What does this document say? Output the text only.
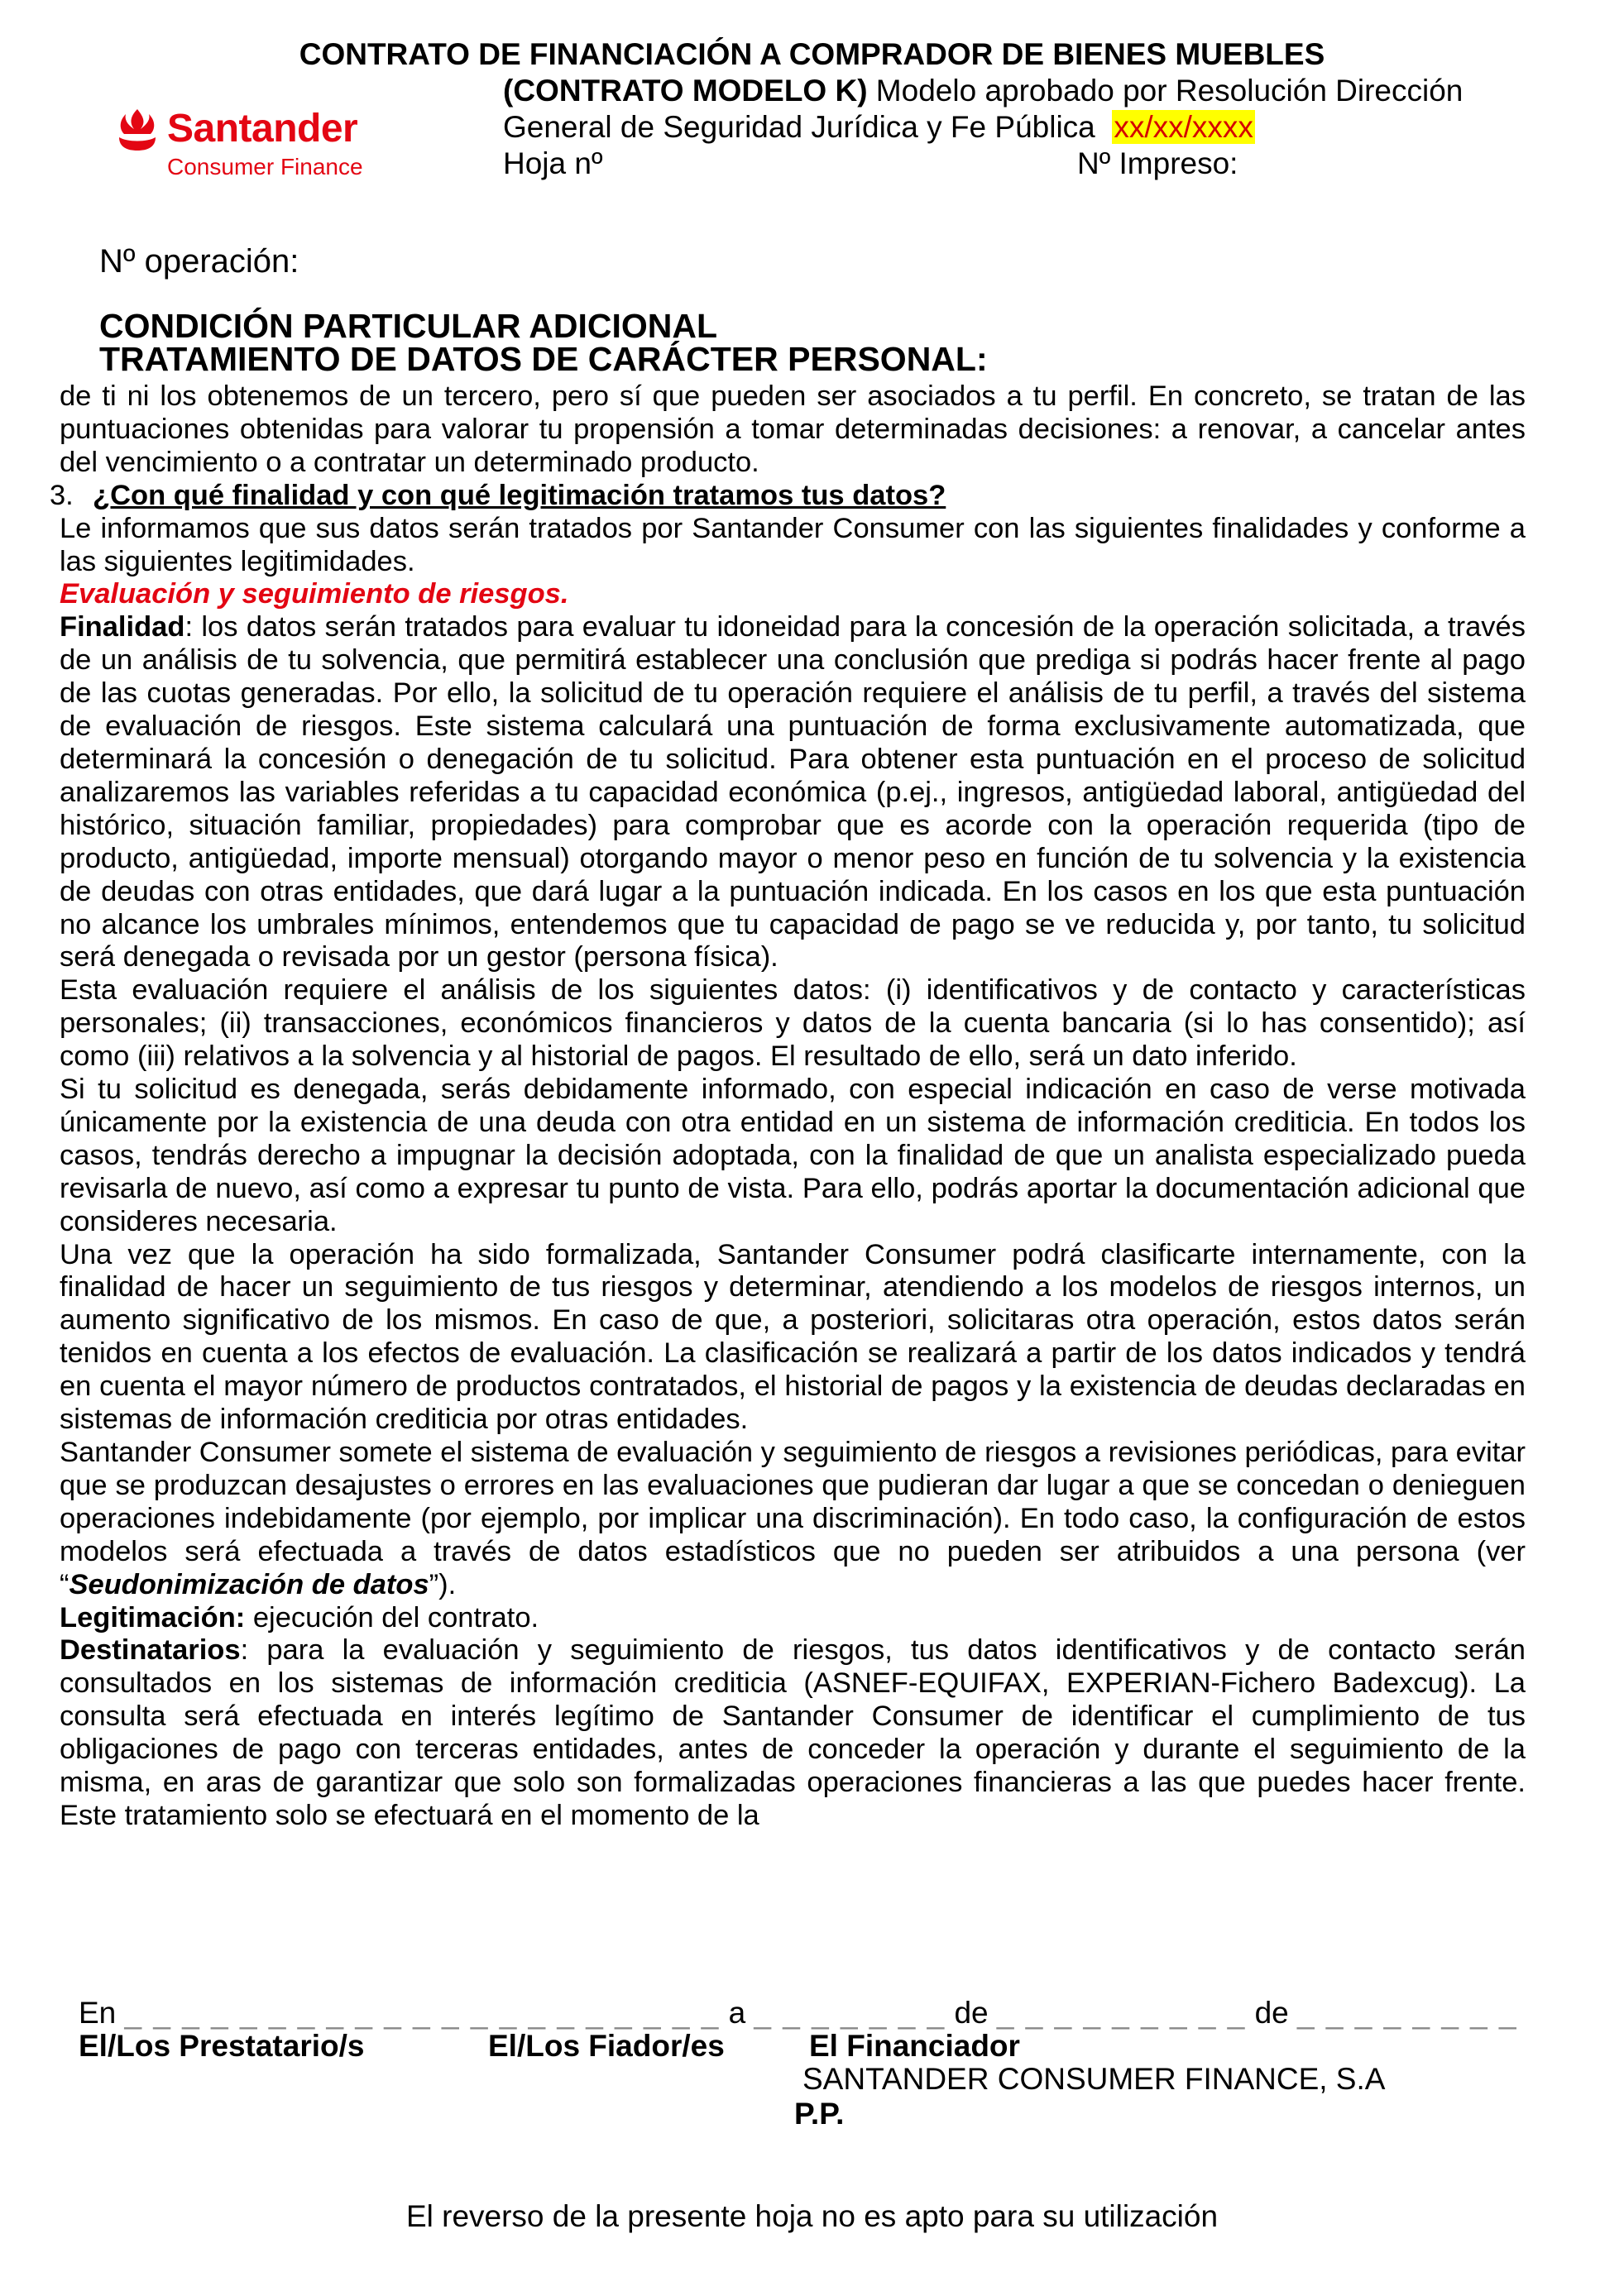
CONTRATO DE FINANCIACIÓN A COMPRADOR DE BIENES MUEBLES
(CONTRATO MODELO K) Modelo aprobado por Resolución Dirección
General de Seguridad Jurídica y Fe Pública xx/xx/xxxx
Hoja nº	Nº Impreso:
Santander
Consumer Finance
Nº operación:
CONDICIÓN PARTICULAR ADICIONAL
TRATAMIENTO DE DATOS DE CARÁCTER PERSONAL:

de ti ni los obtenemos de un tercero, pero sí que pueden ser asociados a tu perfil. En concreto, se tratan de las puntuaciones obtenidas para valorar tu propensión a tomar determinadas decisiones: a renovar, a cancelar antes del vencimiento o a contratar un determinado producto.

3. ¿Con qué finalidad y con qué legitimación tratamos tus datos?

Le informamos que sus datos serán tratados por Santander Consumer con las siguientes finalidades y conforme a las siguientes legitimidades.

Evaluación y seguimiento de riesgos.

Finalidad: los datos serán tratados para evaluar tu idoneidad para la concesión de la operación solicitada, a través de un análisis de tu solvencia, que permitirá establecer una conclusión que prediga si podrás hacer frente al pago de las cuotas generadas. Por ello, la solicitud de tu operación requiere el análisis de tu perfil, a través del sistema de evaluación de riesgos. Este sistema calculará una puntuación de forma exclusivamente automatizada, que determinará la concesión o denegación de tu solicitud. Para obtener esta puntuación en el proceso de solicitud analizaremos las variables referidas a tu capacidad económica (p.ej., ingresos, antigüedad laboral, antigüedad del histórico, situación familiar, propiedades) para comprobar que es acorde con la operación requerida (tipo de producto, antigüedad, importe mensual) otorgando mayor o menor peso en función de tu solvencia y la existencia de deudas con otras entidades, que dará lugar a la puntuación indicada. En los casos en los que esta puntuación no alcance los umbrales mínimos, entendemos que tu capacidad de pago se ve reducida y, por tanto, tu solicitud será denegada o revisada por un gestor (persona física).

Esta evaluación requiere el análisis de los siguientes datos: (i) identificativos y de contacto y características personales; (ii) transacciones, económicos financieros y datos de la cuenta bancaria (si lo has consentido); así como (iii) relativos a la solvencia y al historial de pagos. El resultado de ello, será un dato inferido.

Si tu solicitud es denegada, serás debidamente informado, con especial indicación en caso de verse motivada únicamente por la existencia de una deuda con otra entidad en un sistema de información crediticia. En todos los casos, tendrás derecho a impugnar la decisión adoptada, con la finalidad de que un analista especializado pueda revisarla de nuevo, así como a expresar tu punto de vista. Para ello, podrás aportar la documentación adicional que consideres necesaria.

Una vez que la operación ha sido formalizada, Santander Consumer podrá clasificarte internamente, con la finalidad de hacer un seguimiento de tus riesgos y determinar, atendiendo a los modelos de riesgos internos, un aumento significativo de los mismos. En caso de que, a posteriori, solicitaras otra operación, estos datos serán tenidos en cuenta a los efectos de evaluación. La clasificación se realizará a partir de los datos indicados y tendrá en cuenta el mayor número de productos contratados, el historial de pagos y la existencia de deudas declaradas en sistemas de información crediticia por otras entidades.

Santander Consumer somete el sistema de evaluación y seguimiento de riesgos a revisiones periódicas, para evitar que se produzcan desajustes o errores en las evaluaciones que pudieran dar lugar a que se concedan o denieguen operaciones indebidamente (por ejemplo, por implicar una discriminación). En todo caso, la configuración de estos modelos será efectuada a través de datos estadísticos que no pueden ser atribuidos a una persona (ver “Seudonimización de datos”).

Legitimación: ejecución del contrato.

Destinatarios: para la evaluación y seguimiento de riesgos, tus datos identificativos y de contacto serán consultados en los sistemas de información crediticia (ASNEF-EQUIFAX, EXPERIAN-Fichero Badexcug). La consulta será efectuada en interés legítimo de Santander Consumer de identificar el cumplimiento de tus obligaciones de pago con terceras entidades, antes de conceder la operación y durante el seguimiento de la misma, en aras de garantizar que solo son formalizadas operaciones financieras a las que puedes hacer frente. Este tratamiento solo se efectuará en el momento de la

En _ _ _ _ _ _ _ _ _ _ _ _ _ _ _ _ _ _ _ _ _ a _ _ _ _ _ _ _ de _ _ _ _ _ _ _ _ _ de _ _ _ _ _ _ _ _
El/Los Prestatario/s	El/Los Fiador/es	El Financiador
SANTANDER CONSUMER FINANCE, S.A
P.P.
El reverso de la presente hoja no es apto para su utilización
